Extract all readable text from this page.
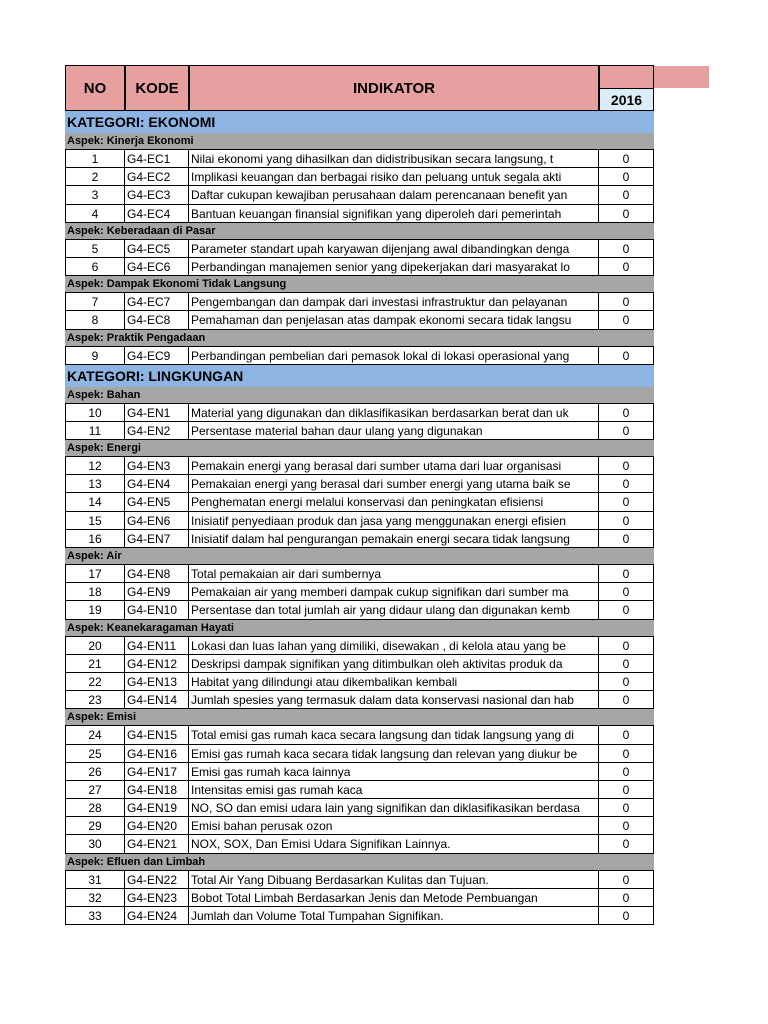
NO	KODE	INDIKATOR
2016
KATEGORI: EKONOMI
Aspek: Kinerja Ekonomi
1	G4-EC1	Nilai ekonomi yang dihasilkan dan didistribusikan secara langsung, t	0
2	G4-EC2	Implikasi keuangan dan berbagai risiko dan peluang untuk segala akti	0
3	G4-EC3	Daftar cukupan kewajiban perusahaan dalam perencanaan benefit yan	0
4	G4-EC4	Bantuan keuangan finansial signifikan yang diperoleh dari pemerintah	0
Aspek: Keberadaan di Pasar
5	G4-EC5	Parameter standart upah karyawan dijenjang awal dibandingkan denga	0
6	G4-EC6	Perbandingan manajemen senior yang dipekerjakan dari masyarakat lo	0
Aspek: Dampak Ekonomi Tidak Langsung
7	G4-EC7	Pengembangan dan dampak dari investasi infrastruktur dan pelayanan	0
8	G4-EC8	Pemahaman dan penjelasan atas dampak ekonomi secara tidak langsu	0
Aspek: Praktik Pengadaan
9	G4-EC9	Perbandingan pembelian dari pemasok lokal di lokasi operasional yang	0
KATEGORI: LINGKUNGAN
Aspek: Bahan
10	G4-EN1	Material yang digunakan dan diklasifikasikan berdasarkan berat dan uk	0
11	G4-EN2	Persentase material bahan daur ulang yang digunakan	0
Aspek: Energi
12	G4-EN3	Pemakain energi yang berasal dari sumber utama dari luar organisasi	0
13	G4-EN4	Pemakaian energi yang berasal dari sumber energi yang utama baik se	0
14	G4-EN5	Penghematan energi melalui konservasi dan peningkatan efisiensi	0
15	G4-EN6	Inisiatif penyediaan produk dan jasa yang menggunakan energi efisien	0
16	G4-EN7	Inisiatif dalam hal pengurangan pemakain energi secara tidak langsung	0
Aspek: Air
17	G4-EN8	Total pemakaian air dari sumbernya	0
18	G4-EN9	Pemakaian air yang memberi dampak cukup signifikan dari sumber ma	0
19	G4-EN10	Persentase dan total jumlah air yang didaur ulang dan digunakan kemb	0
Aspek: Keanekaragaman Hayati
20	G4-EN11	Lokasi dan luas lahan yang dimiliki, disewakan , di kelola atau yang be	0
21	G4-EN12	Deskripsi dampak signifikan yang ditimbulkan oleh aktivitas produk da	0
22	G4-EN13	Habitat yang dilindungi atau dikembalikan kembali	0
23	G4-EN14	Jumlah spesies yang termasuk dalam data konservasi nasional dan hab	0
Aspek: Emisi
24	G4-EN15	Total emisi gas rumah kaca secara langsung dan tidak langsung yang di	0
25	G4-EN16	Emisi gas rumah kaca secara tidak langsung dan relevan yang diukur be	0
26	G4-EN17	Emisi gas rumah kaca lainnya	0
27	G4-EN18	Intensitas emisi gas rumah kaca	0
28	G4-EN19	NO, SO dan emisi udara lain yang signifikan dan diklasifikasikan berdasa	0
29	G4-EN20	Emisi bahan perusak ozon	0
30	G4-EN21	NOX, SOX, Dan Emisi Udara Signifikan Lainnya.	0
Aspek: Efluen dan Limbah
31	G4-EN22	Total Air Yang Dibuang Berdasarkan Kulitas dan Tujuan.	0
32	G4-EN23	Bobot Total Limbah Berdasarkan Jenis dan Metode Pembuangan	0
33	G4-EN24	Jumlah dan Volume Total Tumpahan Signifikan.	0
